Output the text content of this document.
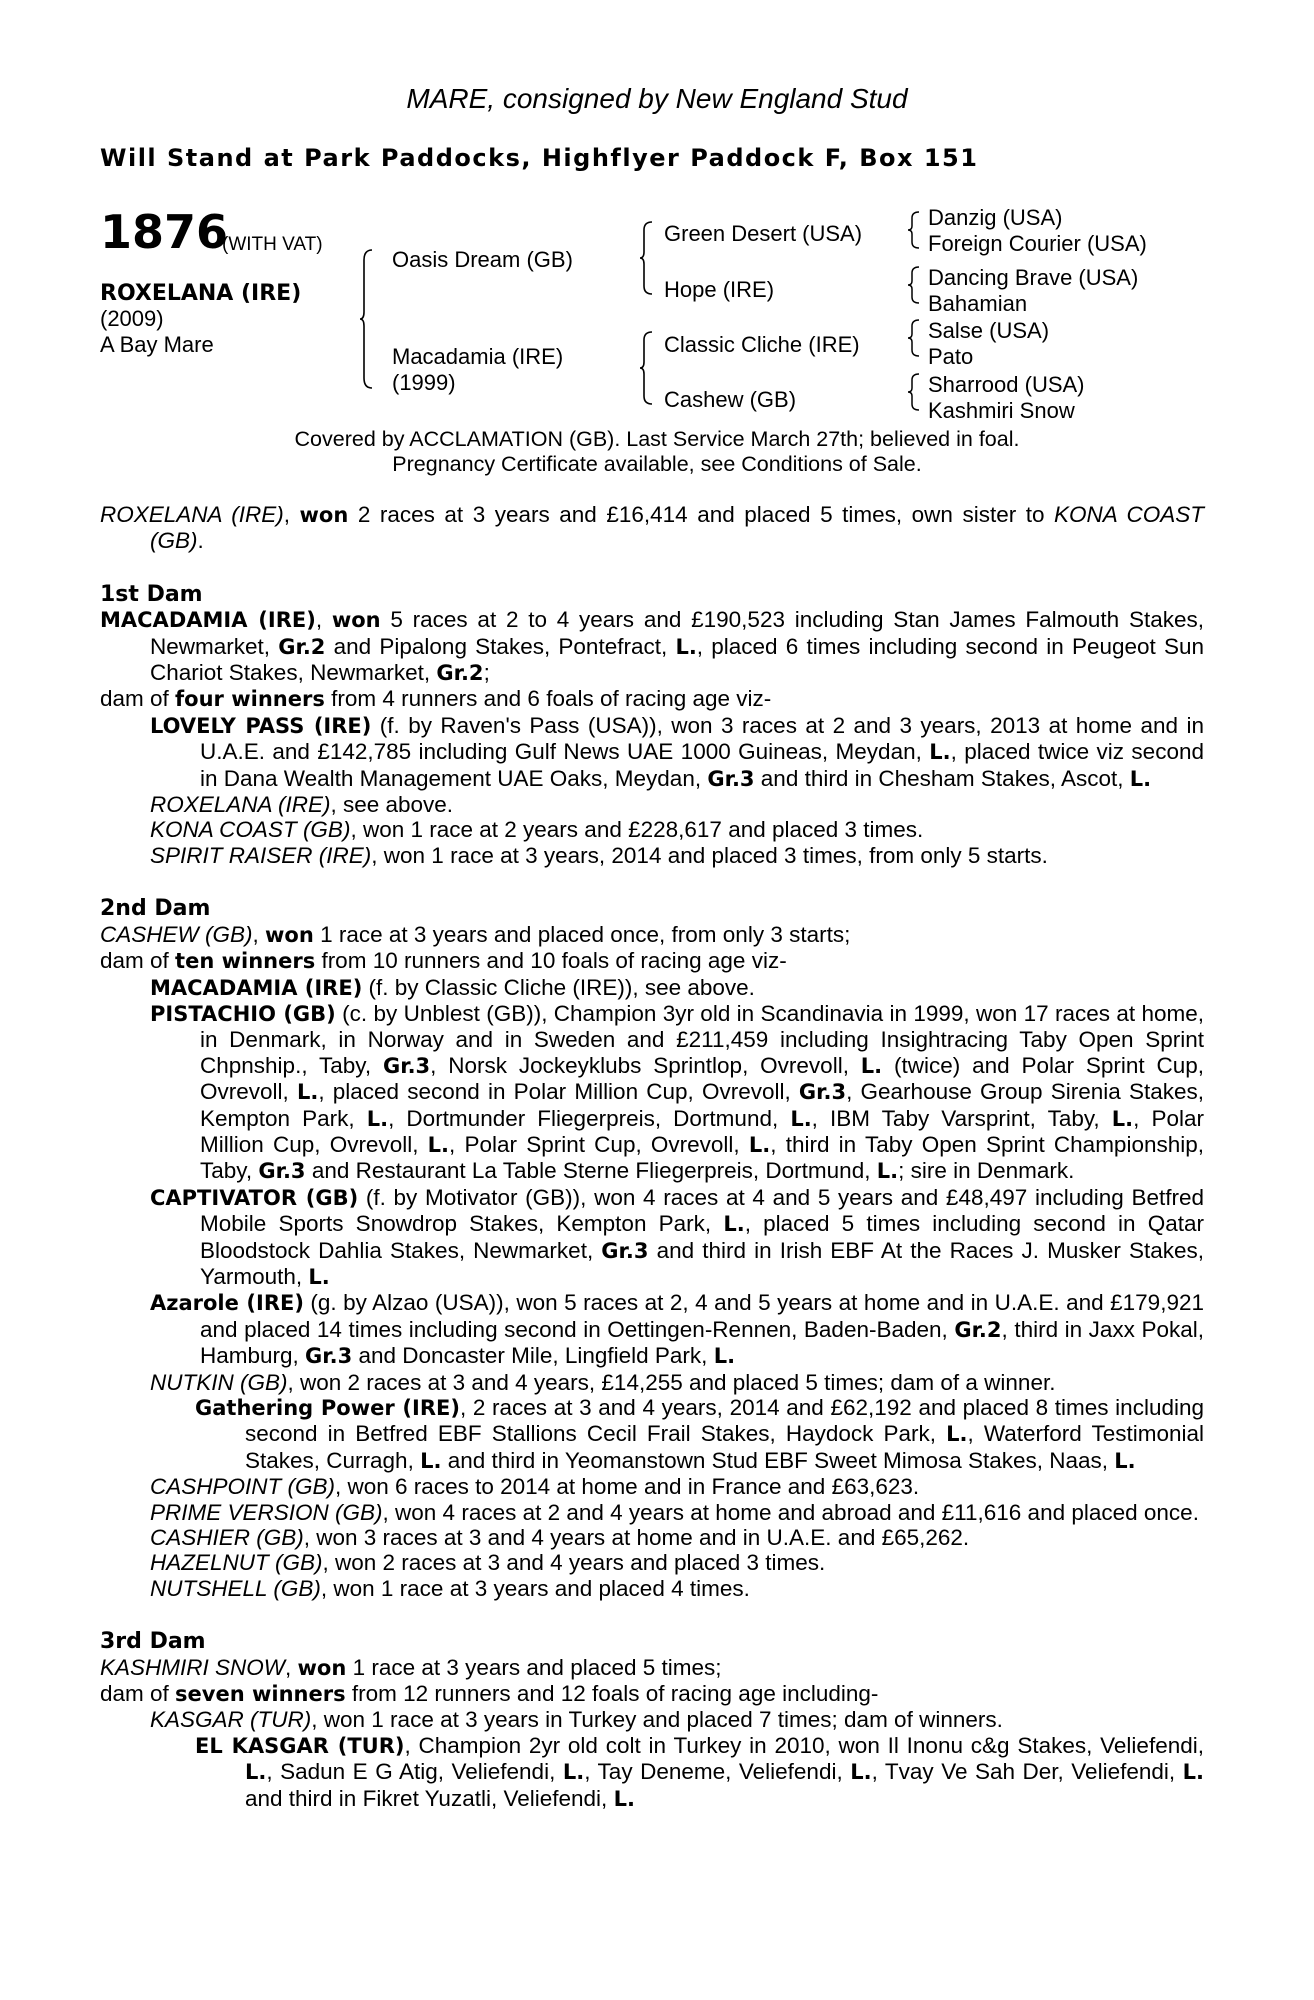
MARE, consigned by New England Stud
Will Stand at Park Paddocks, Highflyer Paddock F, Box 151
1876
(WITH VAT)
ROXELANA (IRE)
(2009)
A Bay Mare
Oasis Dream (GB)
Macadamia (IRE)
(1999)
Green Desert (USA)
Hope (IRE)
Classic Cliche (IRE)
Cashew (GB)
Danzig (USA)
Foreign Courier (USA)
Dancing Brave (USA)
Bahamian
Salse (USA)
Pato
Sharrood (USA)
Kashmiri Snow
Covered by ACCLAMATION (GB). Last Service March 27th; believed in foal.
Pregnancy Certificate available, see Conditions of Sale.

ROXELANA (IRE), won 2 races at 3 years and £16,414 and placed 5 times, own sister to KONA COAST (GB).

1st Dam

MACADAMIA (IRE), won 5 races at 2 to 4 years and £190,523 including Stan James Falmouth Stakes, Newmarket, Gr.2 and Pipalong Stakes, Pontefract, L., placed 6 times including second in Peugeot Sun Chariot Stakes, Newmarket, Gr.2;

dam of four winners from 4 runners and 6 foals of racing age viz-

LOVELY PASS (IRE) (f. by Raven's Pass (USA)), won 3 races at 2 and 3 years, 2013 at home and in U.A.E. and £142,785 including Gulf News UAE 1000 Guineas, Meydan, L., placed twice viz second in Dana Wealth Management UAE Oaks, Meydan, Gr.3 and third in Chesham Stakes, Ascot, L.

ROXELANA (IRE), see above.

KONA COAST (GB), won 1 race at 2 years and £228,617 and placed 3 times.

SPIRIT RAISER (IRE), won 1 race at 3 years, 2014 and placed 3 times, from only 5 starts.

2nd Dam

CASHEW (GB), won 1 race at 3 years and placed once, from only 3 starts;

dam of ten winners from 10 runners and 10 foals of racing age viz-

MACADAMIA (IRE) (f. by Classic Cliche (IRE)), see above.

PISTACHIO (GB) (c. by Unblest (GB)), Champion 3yr old in Scandinavia in 1999, won 17 races at home, in Denmark, in Norway and in Sweden and £211,459 including Insightracing Taby Open Sprint Chpnship., Taby, Gr.3, Norsk Jockeyklubs Sprintlop, Ovrevoll, L. (twice) and Polar Sprint Cup, Ovrevoll, L., placed second in Polar Million Cup, Ovrevoll, Gr.3, Gearhouse Group Sirenia Stakes, Kempton Park, L., Dortmunder Fliegerpreis, Dortmund, L., IBM Taby Varsprint, Taby, L., Polar Million Cup, Ovrevoll, L., Polar Sprint Cup, Ovrevoll, L., third in Taby Open Sprint Championship, Taby, Gr.3 and Restaurant La Table Sterne Fliegerpreis, Dortmund, L.; sire in Denmark.

CAPTIVATOR (GB) (f. by Motivator (GB)), won 4 races at 4 and 5 years and £48,497 including Betfred Mobile Sports Snowdrop Stakes, Kempton Park, L., placed 5 times including second in Qatar Bloodstock Dahlia Stakes, Newmarket, Gr.3 and third in Irish EBF At the Races J. Musker Stakes, Yarmouth, L.

Azarole (IRE) (g. by Alzao (USA)), won 5 races at 2, 4 and 5 years at home and in U.A.E. and £179,921 and placed 14 times including second in Oettingen-Rennen, Baden-Baden, Gr.2, third in Jaxx Pokal, Hamburg, Gr.3 and Doncaster Mile, Lingfield Park, L.

NUTKIN (GB), won 2 races at 3 and 4 years, £14,255 and placed 5 times; dam of a winner.

Gathering Power (IRE), 2 races at 3 and 4 years, 2014 and £62,192 and placed 8 times including second in Betfred EBF Stallions Cecil Frail Stakes, Haydock Park, L., Waterford Testimonial Stakes, Curragh, L. and third in Yeomanstown Stud EBF Sweet Mimosa Stakes, Naas, L.

CASHPOINT (GB), won 6 races to 2014 at home and in France and £63,623.

PRIME VERSION (GB), won 4 races at 2 and 4 years at home and abroad and £11,616 and placed once.

CASHIER (GB), won 3 races at 3 and 4 years at home and in U.A.E. and £65,262.

HAZELNUT (GB), won 2 races at 3 and 4 years and placed 3 times.

NUTSHELL (GB), won 1 race at 3 years and placed 4 times.

3rd Dam

KASHMIRI SNOW, won 1 race at 3 years and placed 5 times;

dam of seven winners from 12 runners and 12 foals of racing age including-

KASGAR (TUR), won 1 race at 3 years in Turkey and placed 7 times; dam of winners.

EL KASGAR (TUR), Champion 2yr old colt in Turkey in 2010, won Il Inonu c&g Stakes, Veliefendi, L., Sadun E G Atig, Veliefendi, L., Tay Deneme, Veliefendi, L., Tvay Ve Sah Der, Veliefendi, L. and third in Fikret Yuzatli, Veliefendi, L.
